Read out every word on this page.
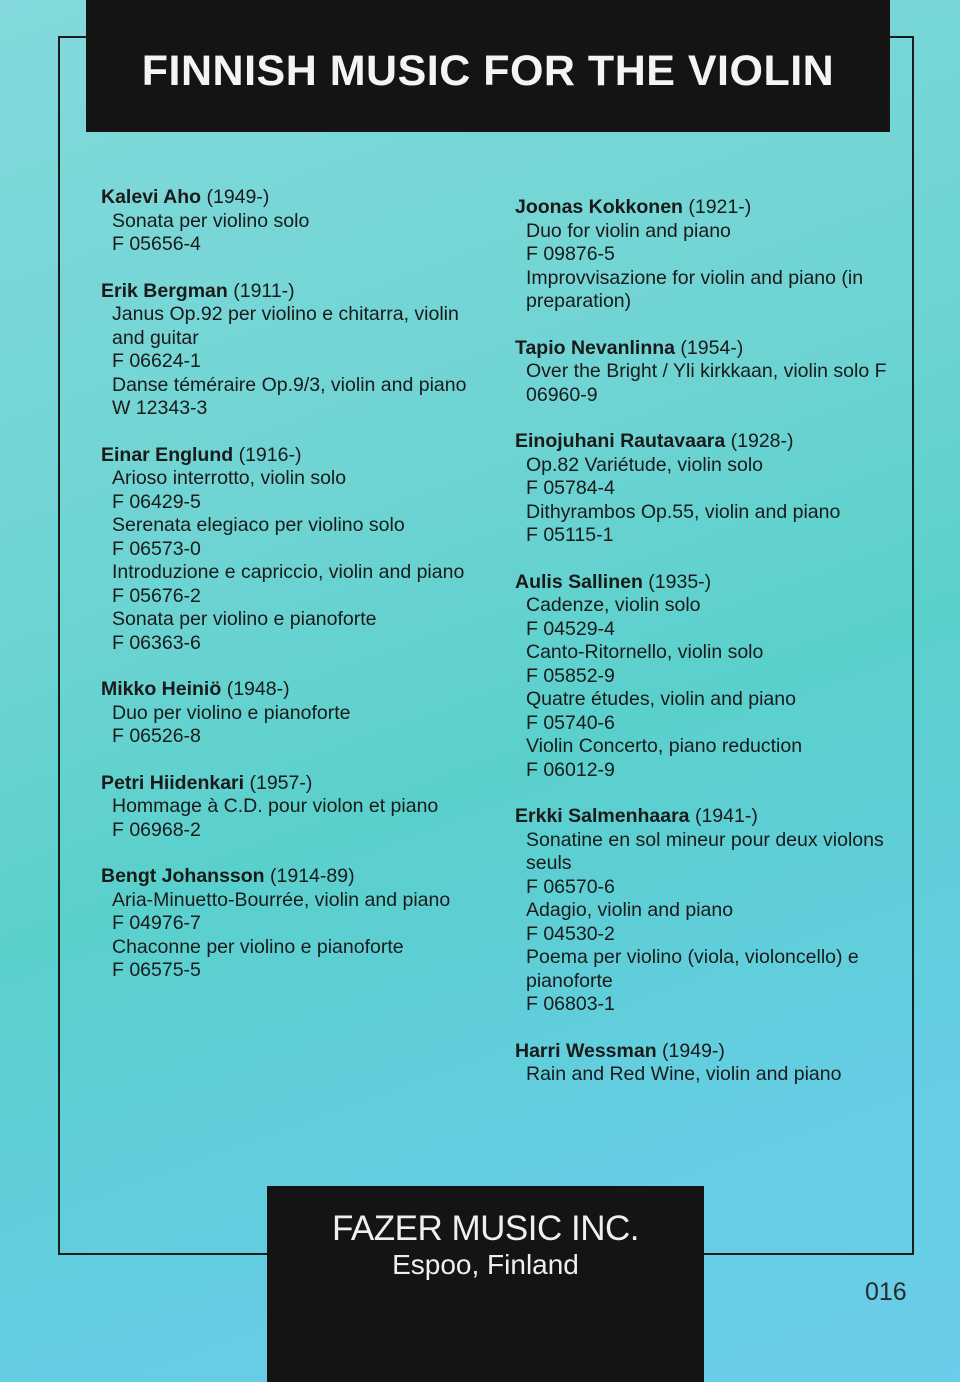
FINNISH MUSIC FOR THE VIOLIN
Kalevi Aho (1949-)
Sonata per violino solo
F 05656-4
Erik Bergman (1911-)
Janus Op.92 per violino e chitarra, violin and guitar
F 06624-1
Danse téméraire Op.9/3, violin and piano
W 12343-3
Einar Englund (1916-)
Arioso interrotto, violin solo
F 06429-5
Serenata elegiaco per violino solo
F 06573-0
Introduzione e capriccio, violin and piano
F 05676-2
Sonata per violino e pianoforte
F 06363-6
Mikko Heiniö (1948-)
Duo per violino e pianoforte
F 06526-8
Petri Hiidenkari (1957-)
Hommage à C.D. pour violon et piano
F 06968-2
Bengt Johansson (1914-89)
Aria-Minuetto-Bourrée, violin and piano
F 04976-7
Chaconne per violino e pianoforte
F 06575-5
Joonas Kokkonen (1921-)
Duo for violin and piano
F 09876-5
Improvvisazione for violin and piano (in preparation)
Tapio Nevanlinna (1954-)
Over the Bright / Yli kirkkaan, violin solo F 06960-9
Einojuhani Rautavaara (1928-)
Op.82 Variétude, violin solo
F 05784-4
Dithyrambos Op.55, violin and piano
F 05115-1
Aulis Sallinen (1935-)
Cadenze, violin solo
F 04529-4
Canto-Ritornello, violin solo
F 05852-9
Quatre études, violin and piano
F 05740-6
Violin Concerto, piano reduction
F 06012-9
Erkki Salmenhaara (1941-)
Sonatine en sol mineur pour deux violons seuls
F 06570-6
Adagio, violin and piano
F 04530-2
Poema per violino (viola, violoncello) e pianoforte
F 06803-1
Harri Wessman (1949-)
Rain and Red Wine, violin and piano
FAZER MUSIC INC.
Espoo, Finland
016
